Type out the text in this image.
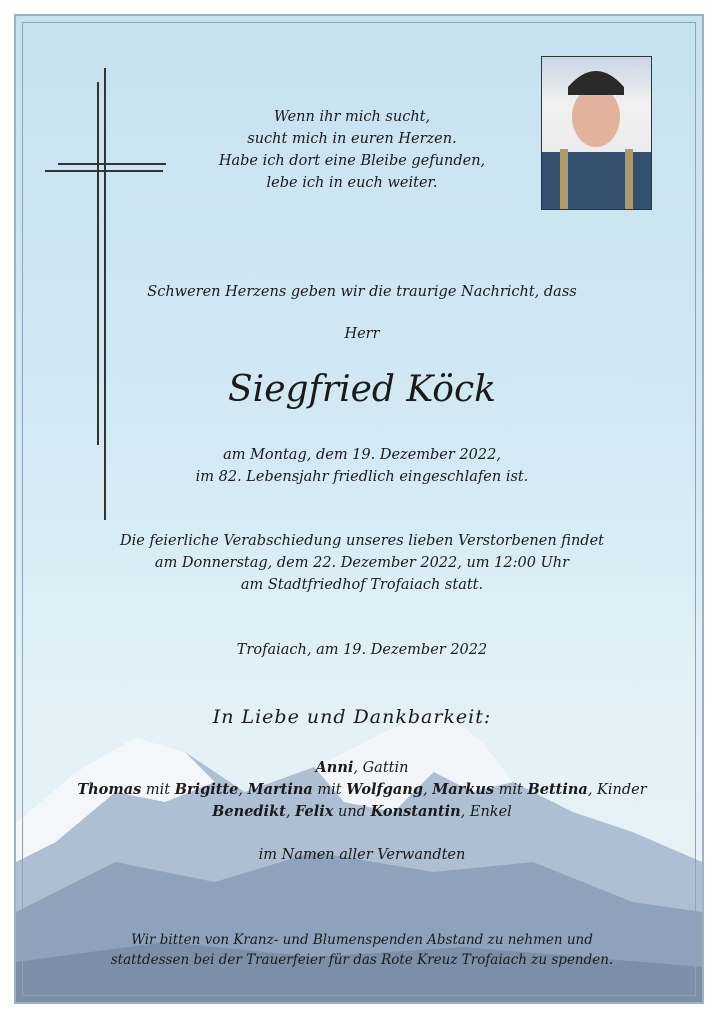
Wenn ihr mich sucht,
sucht mich in euren Herzen.
Habe ich dort eine Bleibe gefunden,
lebe ich in euch weiter.
Schweren Herzens geben wir die traurige Nachricht, dass
Herr
Siegfried Köck
am Montag, dem 19. Dezember 2022,
im 82. Lebensjahr friedlich eingeschlafen ist.
Die feierliche Verabschiedung unseres lieben Verstorbenen findet
am Donnerstag, dem 22. Dezember 2022, um 12:00 Uhr
am Stadtfriedhof Trofaiach statt.
Trofaiach, am 19. Dezember 2022
In Liebe und Dankbarkeit:
Anni, Gattin
Thomas mit Brigitte, Martina mit Wolfgang, Markus mit Bettina, Kinder
Benedikt, Felix und Konstantin, Enkel
im Namen aller Verwandten
Wir bitten von Kranz- und Blumenspenden Abstand zu nehmen und
stattdessen bei der Trauerfeier für das Rote Kreuz Trofaiach zu spenden.
